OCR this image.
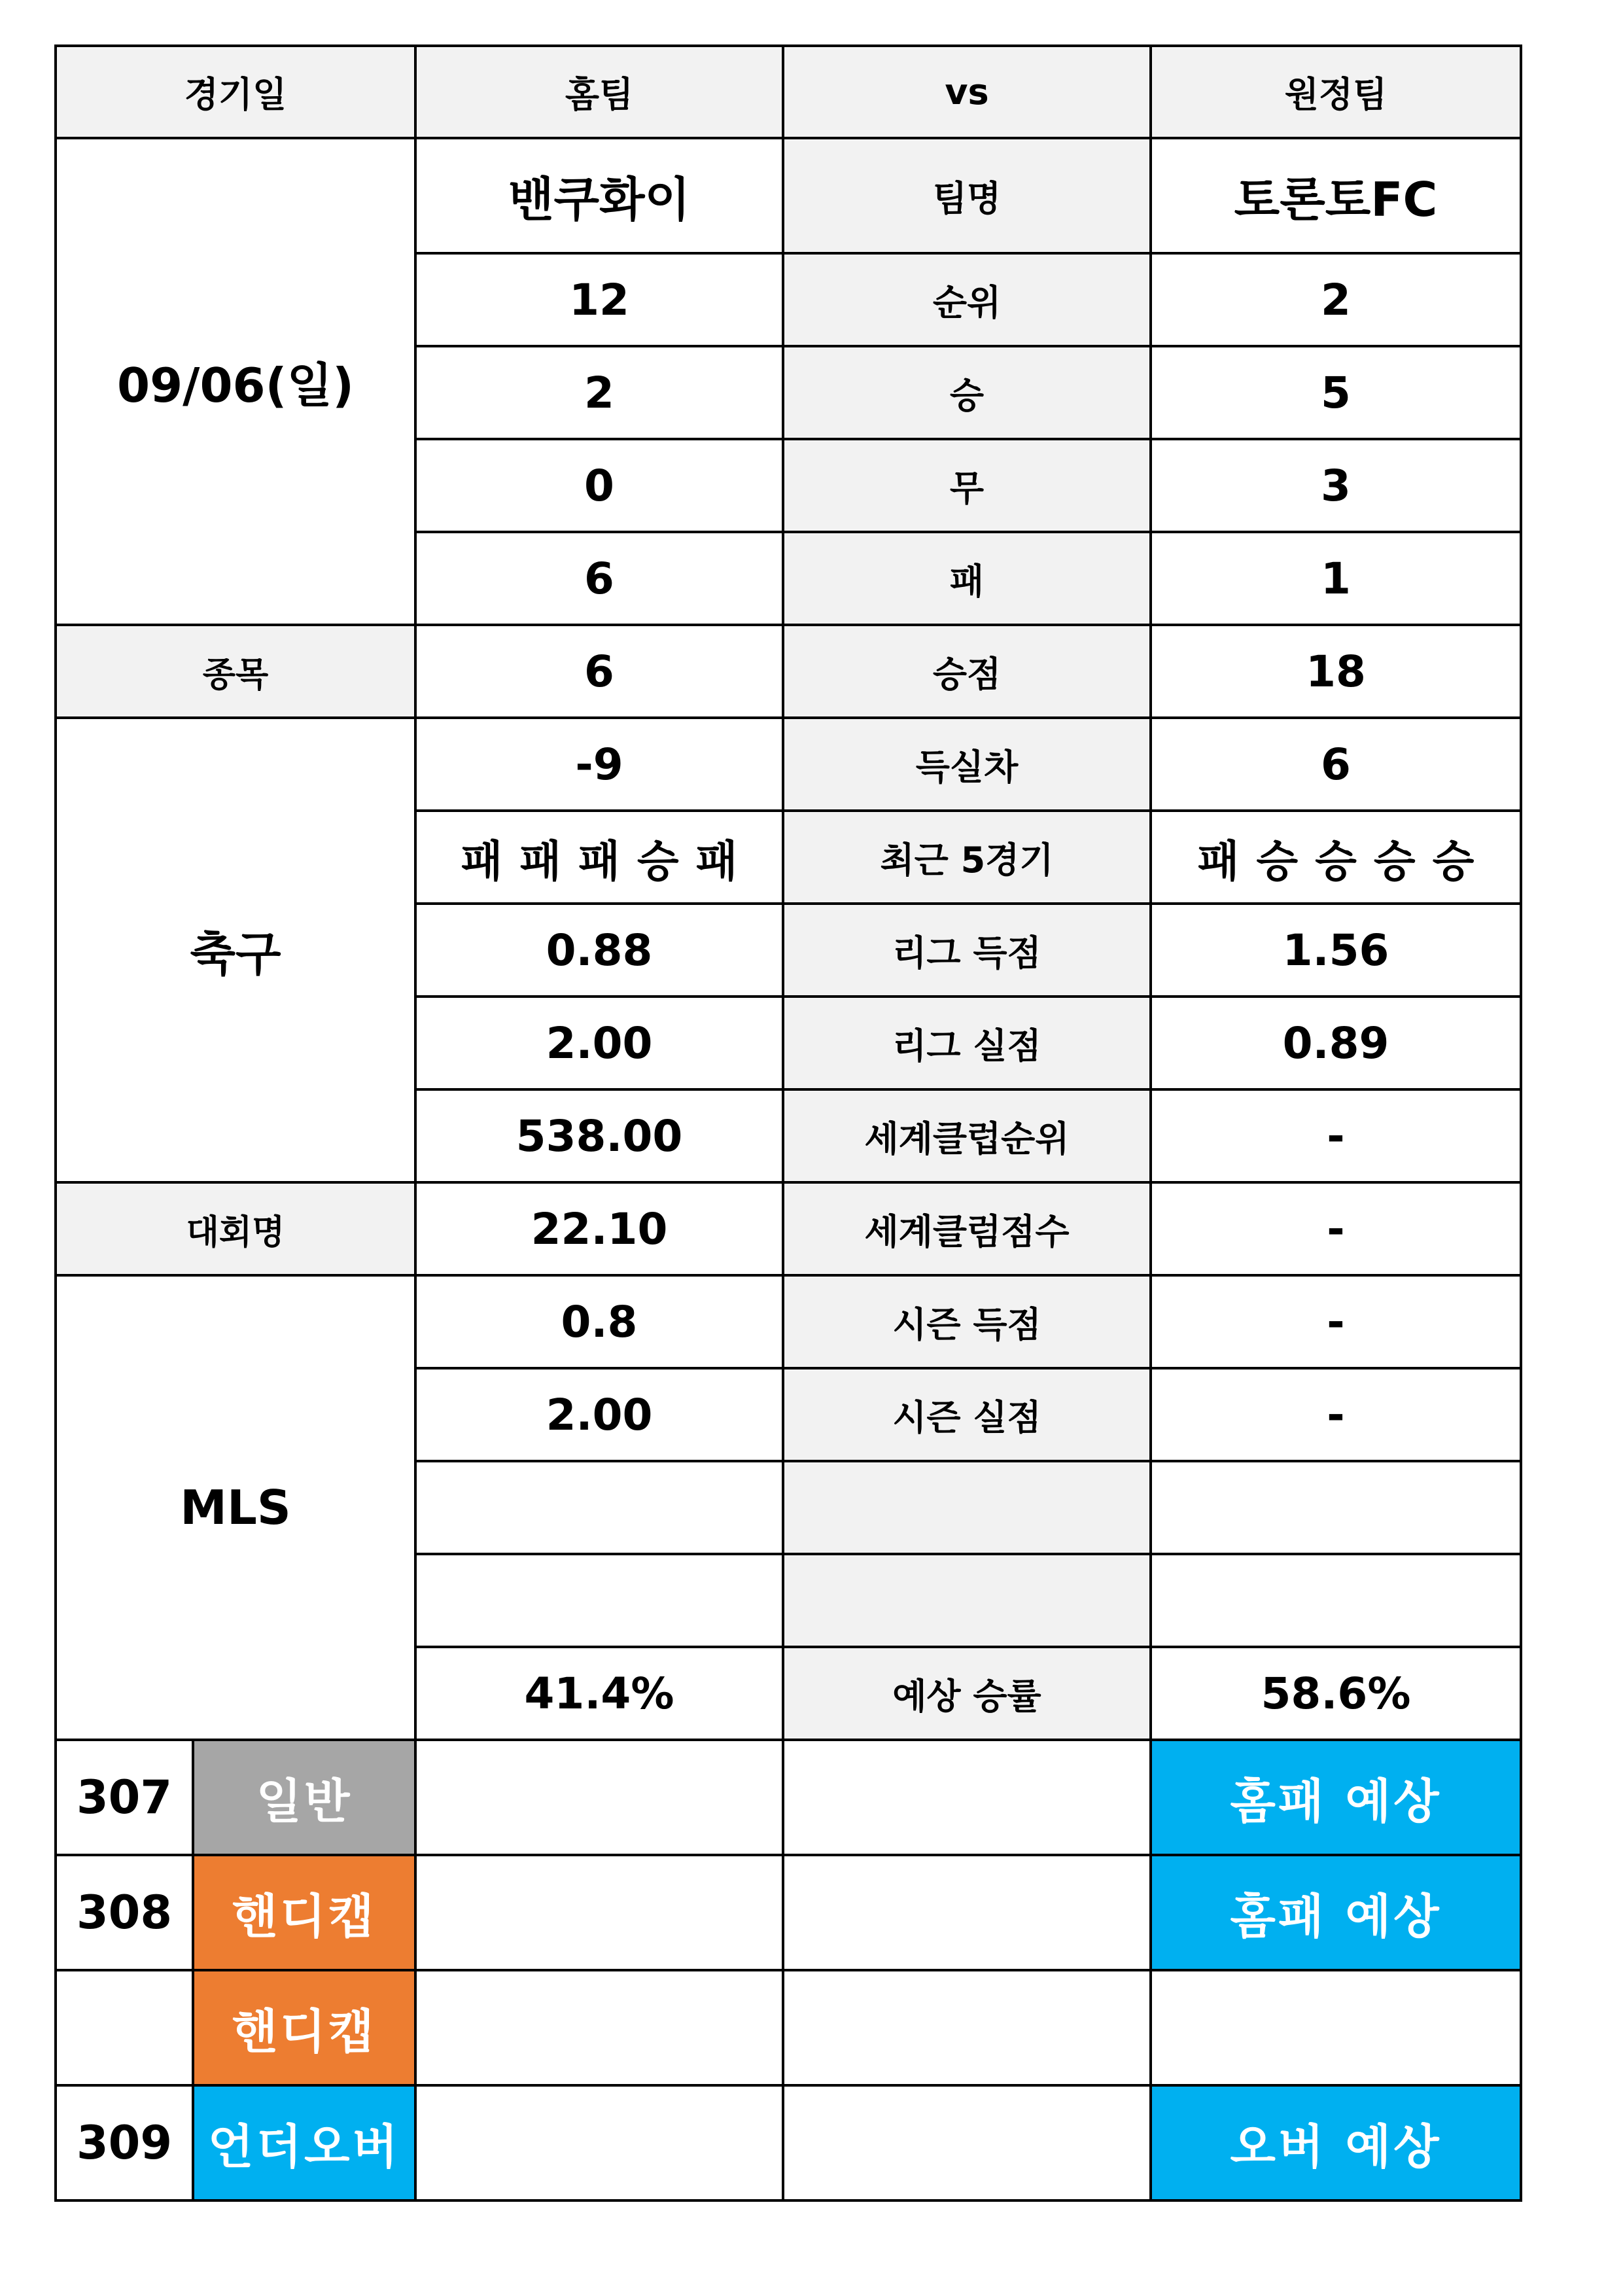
경기일		홈팀	vs	원정팀
09/06(일)		밴쿠화이	팀명	토론토FC
		12	순위	2
		2	승	5
		0	무	3
		6	패	1
종목		6	승점	18
축구		-9	득실차	6
		패패패승패	최근 5경기	패승승승승
		0.88	리그 득점	1.56
		2.00	리그 실점	0.89
		538.00	세계클럽순위	-
대회명		22.10	세계클럼점수	-
MLS		0.8	시즌 득점	-
		2.00	시즌 실점	-

		41.4%	예상 승률	58.6%
307	일반			홈패 예상
308	핸디캡			홈패 예상
	핸디캡			
309	언더오버			오버 예상
